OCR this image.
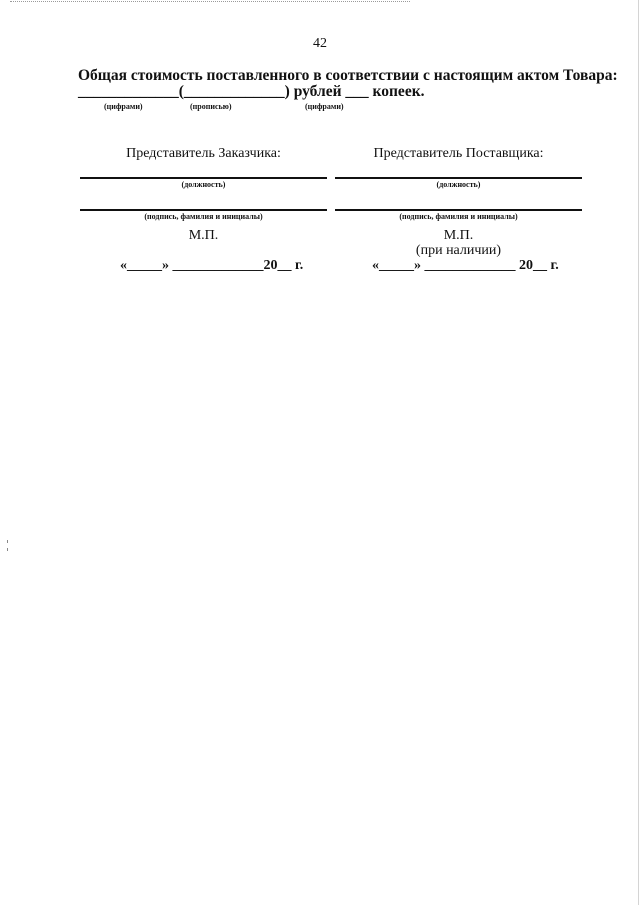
42
Общая стоимость поставленного в соответствии с настоящим актом Товара:
_____________(_____________) рублей ___ копеек.
(цифрами)	(прописью)	(цифрами)
Представитель Заказчика:
(должность)
(подпись, фамилия и инициалы)
М.П.
«_____» _____________20__ г.
Представитель Поставщика:
(должность)
(подпись, фамилия и инициалы)
М.П.
(при наличии)
«_____» _____________ 20__ г.
